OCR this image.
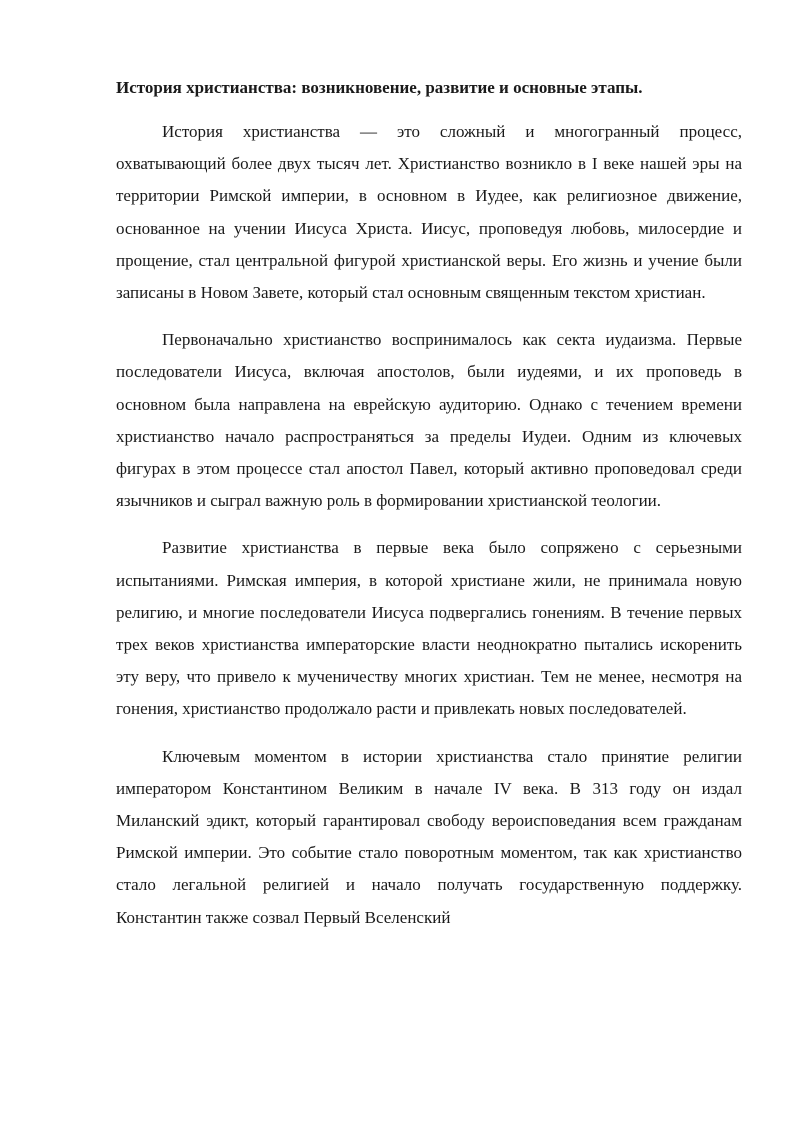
История христианства: возникновение, развитие и основные этапы.

История христианства — это сложный и многогранный процесс, охватывающий более двух тысяч лет. Христианство возникло в I веке нашей эры на территории Римской империи, в основном в Иудее, как религиозное движение, основанное на учении Иисуса Христа. Иисус, проповедуя любовь, милосердие и прощение, стал центральной фигурой христианской веры. Его жизнь и учение были записаны в Новом Завете, который стал основным священным текстом христиан.

Первоначально христианство воспринималось как секта иудаизма. Первые последователи Иисуса, включая апостолов, были иудеями, и их проповедь в основном была направлена на еврейскую аудиторию. Однако с течением времени христианство начало распространяться за пределы Иудеи. Одним из ключевых фигурах в этом процессе стал апостол Павел, который активно проповедовал среди язычников и сыграл важную роль в формировании христианской теологии.

Развитие христианства в первые века было сопряжено с серьезными испытаниями. Римская империя, в которой христиане жили, не принимала новую религию, и многие последователи Иисуса подвергались гонениям. В течение первых трех веков христианства императорские власти неоднократно пытались искоренить эту веру, что привело к мученичеству многих христиан. Тем не менее, несмотря на гонения, христианство продолжало расти и привлекать новых последователей.

Ключевым моментом в истории христианства стало принятие религии императором Константином Великим в начале IV века. В 313 году он издал Миланский эдикт, который гарантировал свободу вероисповедания всем гражданам Римской империи. Это событие стало поворотным моментом, так как христианство стало легальной религией и начало получать государственную поддержку. Константин также созвал Первый Вселенский
